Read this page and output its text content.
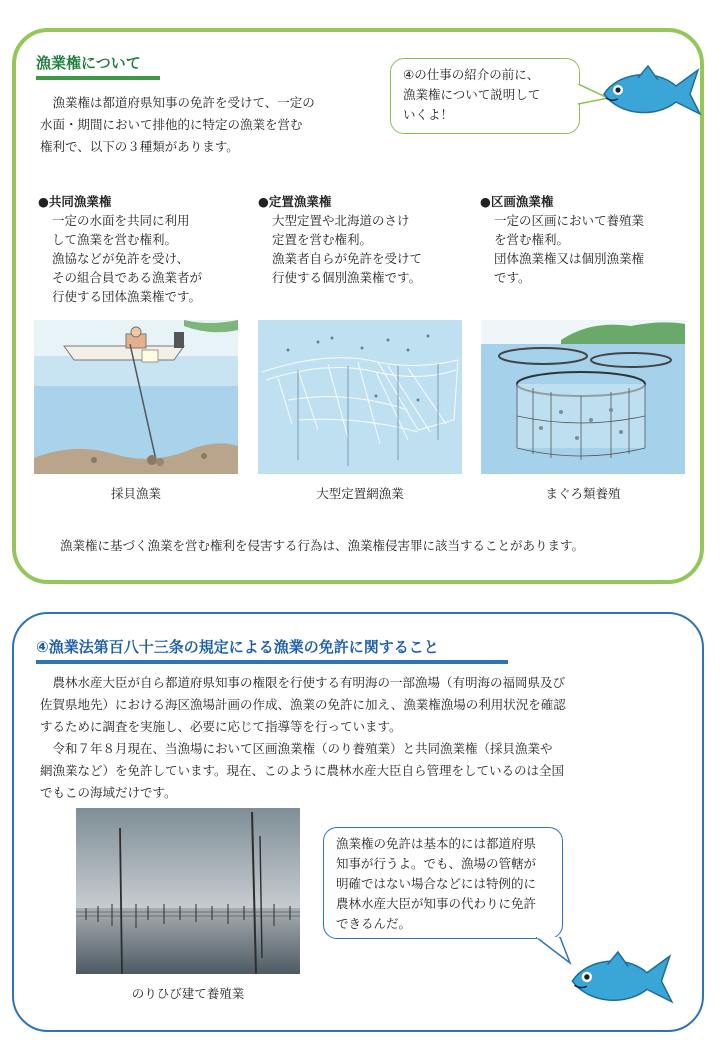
漁業権について
　漁業権は都道府県知事の免許を受けて、一定の
水面・期間において排他的に特定の漁業を営む
権利で、以下の３種類があります。
④の仕事の紹介の前に、
漁業権について説明して
いくよ！
●共同漁業権
一定の水面を共同に利用
して漁業を営む権利。
漁協などが免許を受け、
その組合員である漁業者が
行使する団体漁業権です。
●定置漁業権
大型定置や北海道のさけ
定置を営む権利。
漁業者自らが免許を受けて
行使する個別漁業権です。
●区画漁業権
一定の区画において養殖業
を営む権利。
団体漁業権又は個別漁業権
です。
採貝漁業	大型定置網漁業	まぐろ類養殖
漁業権に基づく漁業を営む権利を侵害する行為は、漁業権侵害罪に該当することがあります。
④漁業法第百八十三条の規定による漁業の免許に関すること
　農林水産大臣が自ら都道府県知事の権限を行使する有明海の一部漁場（有明海の福岡県及び
佐賀県地先）における海区漁場計画の作成、漁業の免許に加え、漁業権漁場の利用状況を確認
するために調査を実施し、必要に応じて指導等を行っています。
　令和７年８月現在、当漁場において区画漁業権（のり養殖業）と共同漁業権（採貝漁業や
網漁業など）を免許しています。現在、このように農林水産大臣自ら管理をしているのは全国
でもこの海域だけです。
のりひび建て養殖業
漁業権の免許は基本的には都道府県
知事が行うよ。でも、漁場の管轄が
明確ではない場合などには特例的に
農林水産大臣が知事の代わりに免許
できるんだ。
